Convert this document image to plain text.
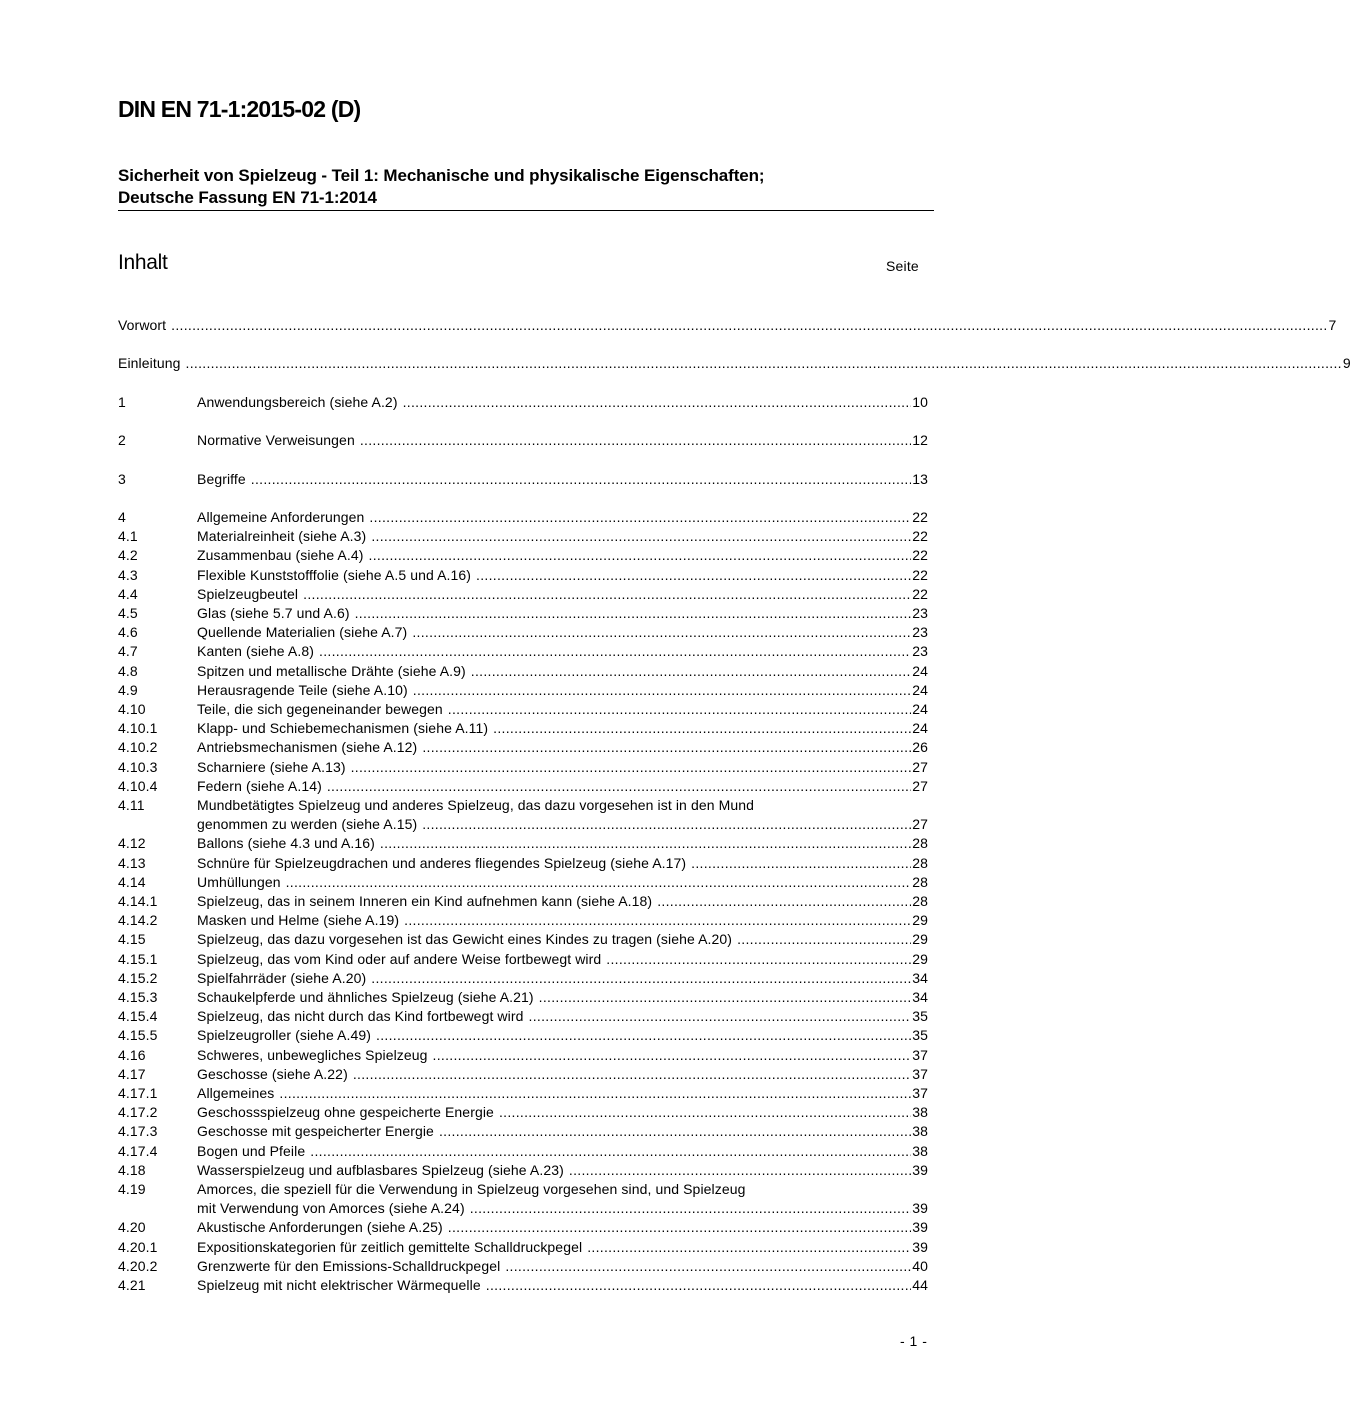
DIN EN 71-1:2015-02 (D)
Sicherheit von Spielzeug - Teil 1: Mechanische und physikalische Eigenschaften;
Deutsche Fassung EN 71-1:2014
Inhalt	Seite
Vorwort .....	7
Einleitung .....	9
1	Anwendungsbereich (siehe A.2) .....	10
2	Normative Verweisungen .....	12
3	Begriffe .....	13
4	Allgemeine Anforderungen .....	22
4.1	Materialreinheit (siehe A.3) .....	22
4.2	Zusammenbau (siehe A.4) .....	22
4.3	Flexible Kunststofffolie (siehe A.5 und A.16) .....	22
4.4	Spielzeugbeutel .....	22
4.5	Glas (siehe 5.7 und A.6) .....	23
4.6	Quellende Materialien (siehe A.7) .....	23
4.7	Kanten (siehe A.8) .....	23
4.8	Spitzen und metallische Drähte (siehe A.9) .....	24
4.9	Herausragende Teile (siehe A.10) .....	24
4.10	Teile, die sich gegeneinander bewegen .....	24
4.10.1	Klapp- und Schiebemechanismen (siehe A.11) .....	24
4.10.2	Antriebsmechanismen (siehe A.12) .....	26
4.10.3	Scharniere (siehe A.13) .....	27
4.10.4	Federn (siehe A.14) .....	27
4.11	Mundbetätigtes Spielzeug und anderes Spielzeug, das dazu vorgesehen ist in den Mund
genommen zu werden (siehe A.15) .....	27
4.12	Ballons (siehe 4.3 und A.16) .....	28
4.13	Schnüre für Spielzeugdrachen und anderes fliegendes Spielzeug (siehe A.17) .....	28
4.14	Umhüllungen .....	28
4.14.1	Spielzeug, das in seinem Inneren ein Kind aufnehmen kann (siehe A.18) .....	28
4.14.2	Masken und Helme (siehe A.19) .....	29
4.15	Spielzeug, das dazu vorgesehen ist das Gewicht eines Kindes zu tragen (siehe A.20) .....	29
4.15.1	Spielzeug, das vom Kind oder auf andere Weise fortbewegt wird .....	29
4.15.2	Spielfahrräder (siehe A.20) .....	34
4.15.3	Schaukelpferde und ähnliches Spielzeug (siehe A.21) .....	34
4.15.4	Spielzeug, das nicht durch das Kind fortbewegt wird .....	35
4.15.5	Spielzeugroller (siehe A.49) .....	35
4.16	Schweres, unbewegliches Spielzeug .....	37
4.17	Geschosse (siehe A.22) .....	37
4.17.1	Allgemeines .....	37
4.17.2	Geschossspielzeug ohne gespeicherte Energie .....	38
4.17.3	Geschosse mit gespeicherter Energie .....	38
4.17.4	Bogen und Pfeile .....	38
4.18	Wasserspielzeug und aufblasbares Spielzeug (siehe A.23) .....	39
4.19	Amorces, die speziell für die Verwendung in Spielzeug vorgesehen sind, und Spielzeug
mit Verwendung von Amorces (siehe A.24) .....	39
4.20	Akustische Anforderungen (siehe A.25) .....	39
4.20.1	Expositionskategorien für zeitlich gemittelte Schalldruckpegel .....	39
4.20.2	Grenzwerte für den Emissions-Schalldruckpegel .....	40
4.21	Spielzeug mit nicht elektrischer Wärmequelle .....	44
- 1 -
